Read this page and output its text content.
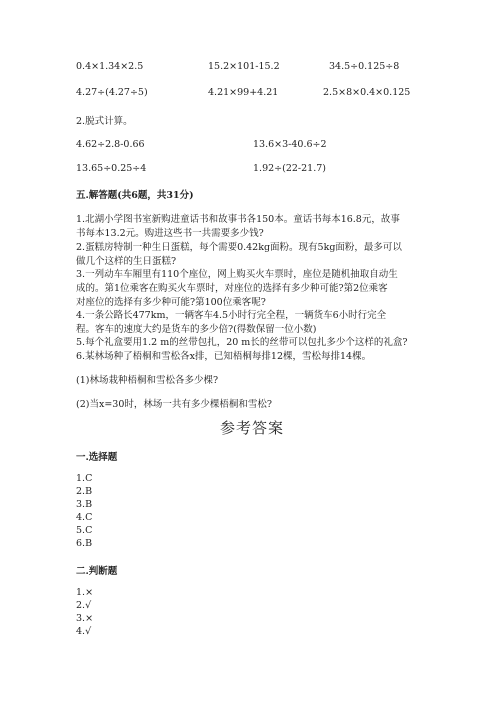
0.4×1.34×2.5	15.2×101-15.2	34.5÷0.125÷8
4.27÷(4.27÷5)	4.21×99+4.21	2.5×8×0.4×0.125
2.脱式计算。
4.62÷2.8-0.66	13.6×3-40.6÷2
13.65÷0.25÷4	1.92÷(22-21.7)
五.解答题(共6题，共31分)
1.北湖小学图书室新购进童话书和故事书各150本。童话书每本16.8元，故事
书每本13.2元。购进这些书一共需要多少钱?
2.蛋糕房特制一种生日蛋糕，每个需要0.42kg面粉。现有5kg面粉，最多可以
做几个这样的生日蛋糕?
3.一列动车车厢里有110个座位，网上购买火车票时，座位是随机抽取自动生
成的。第1位乘客在购买火车票时，对座位的选择有多少种可能?第2位乘客
对座位的选择有多少种可能?第100位乘客呢?
4.一条公路长477km，一辆客车4.5小时行完全程，一辆货车6小时行完全
程。客车的速度大约是货车的多少倍?(得数保留一位小数)
5.每个礼盒要用1.2 m的丝带包扎，20 m长的丝带可以包扎多少个这样的礼盒?
6.某林场种了梧桐和雪松各x排，已知梧桐每排12棵，雪松每排14棵。
(1)林场栽种梧桐和雪松各多少棵?
(2)当x=30时，林场一共有多少棵梧桐和雪松?
参考答案
一.选择题
1.C
2.B
3.B
4.C
5.C
6.B
二.判断题
1.×
2.√
3.×
4.√
